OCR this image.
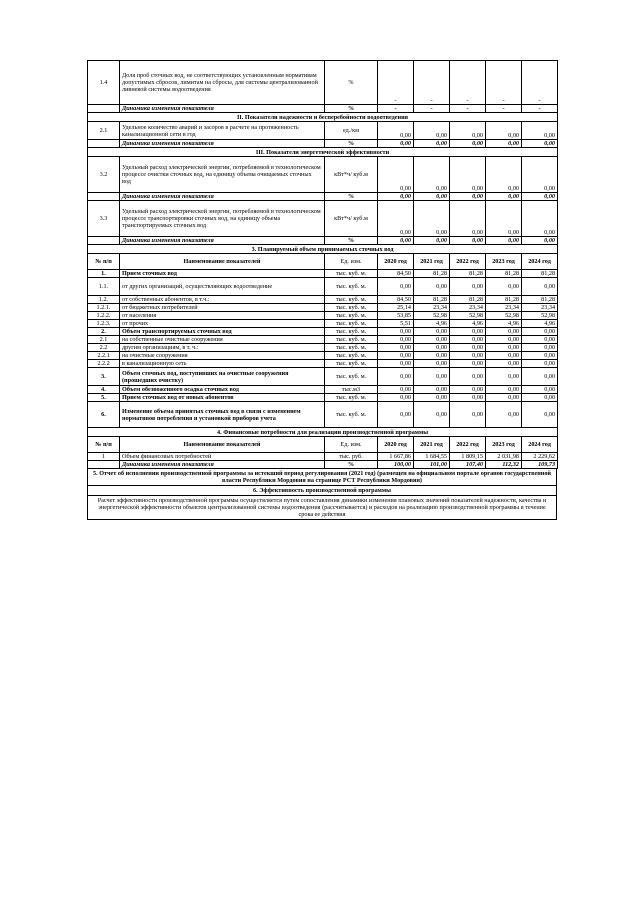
1.4	Доля проб сточных вод, не соответствующих установленным нормативам допустимых сбросов, лимитам на сбросы, для системы централизованной ливневой системы водоотведения	%	-	-	-	-	-
	Динамика изменения показателя	%	-	-	-	-	-
II. Показатели надежности и бесперебойности водоотведения							
2.1	Удельное количество аварий и засоров в расчете на протяженность канализационной сети в год	ед./км	0,00	0,00	0,00	0,00	0,00
	Динамика изменения показателя	%	0,00	0,00	0,00	0,00	0,00
III. Показатели энергетической эффективности							
3.2	Удельный расход электрической энергии, потребляемой в технологическом процессе очистки сточных вод, на единицу объема очищаемых сточных вод	кВт*ч/ куб.м	0,00	0,00	0,00	0,00	0,00
	Динамика изменения показателя	%	0,00	0,00	0,00	0,00	0,00
3.3	Удельный расход электрической энергии, потребляемой в технологическом процессе транспортировки сточных вод, на единицу объема транспортируемых сточных вод	кВт*ч/ куб.м	0,00	0,00	0,00	0,00	0,00
	Динамика изменения показателя	%	0,00	0,00	0,00	0,00	0,00
3. Планируемый объем принимаемых сточных вод							
№ п/п	Наименование показателей	Ед. изм.	2020 год	2021 год	2022 год	2023 год	2024 год
1.	Прием сточных вод	тыс. куб. м.	84,50	81,28	81,28	81,28	81,28
1.1.	от других организаций, осуществляющих водоотведение	тыс. куб. м.	0,00	0,00	0,00	0,00	0,00
1.2.	от собственных абонентов, в т.ч.:	тыс. куб. м.	84,50	81,28	81,28	81,28	81,28
1.2.1.	от бюджетных потребителей	тыс. куб. м.	25,14	23,34	23,34	23,34	23,34
1.2.2.	от населения	тыс. куб. м.	53,85	52,98	52,98	52,98	52,98
1.2.3.	от прочих	тыс. куб. м.	5,51	4,96	4,96	4,96	4,96
2.	Объем транспортируемых сточных вод	тыс. куб. м.	0,00	0,00	0,00	0,00	0,00
2.1	на собственные очистные сооружения	тыс. куб. м.	0,00	0,00	0,00	0,00	0,00
2.2	другим организациям, в т. ч.:	тыс. куб. м.	0,00	0,00	0,00	0,00	0,00
2.2.1	на очистные сооружения	тыс. куб. м.	0,00	0,00	0,00	0,00	0,00
2.2.2	в канализационную сеть	тыс. куб. м.	0,00	0,00	0,00	0,00	0,00
3.	Объем сточных вод, поступивших на очистные сооружения (прошедших очистку)	тыс. куб. м.	0,00	0,00	0,00	0,00	0,00
4.	Объем обезвоженного осадка сточных вод	тыс.м3	0,00	0,00	0,00	0,00	0,00
5.	Прием сточных вод от новых абонентов	тыс. куб. м.	0,00	0,00	0,00	0,00	0,00
6.	Изменение объема принятых сточных вод в связи с изменением нормативов потребления и установкой приборов учета	тыс. куб. м.	0,00	0,00	0,00	0,00	0,00
4. Финансовые потребности для реализации производственной программы							
№ п/п	Наименование показателей	Ед. изм.	2020 год	2021 год	2022 год	2023 год	2024 год
1	Объем финансовых потребностей	тыс. руб.	1 667,86	1 684,55	1 809,15	2 031,98	2 229,62
	Динамика изменения показателя	%	100,00	101,00	107,40	112,32	109,73
5. Отчет об исполнении производственной программы за истекший период регулирования (2021 год) (размещен на официальном портале органов государственной власти Республики Мордовия на странице РСТ Республики Мордовия)
6. Эффективность производственной программы
Расчет эффективности производственной программы осуществляется путем сопоставления динамики изменения плановых значений показателей надежности, качества и энергетической эффективности объектов централизованной системы водоотведения (рассчитывается) и расходов на реализацию производственной программы в течение срока ее действия
